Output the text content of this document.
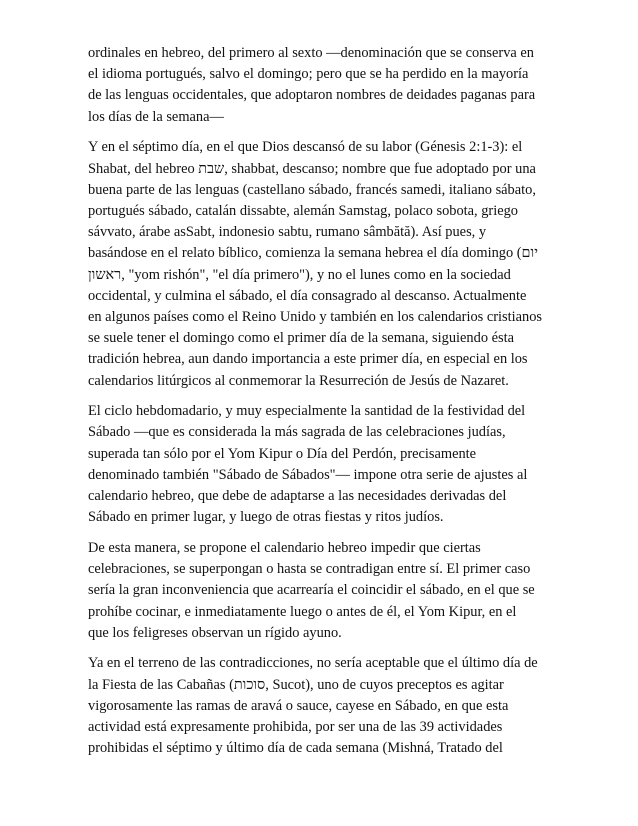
ordinales en hebreo, del primero al sexto —denominación que se conserva en
el idioma portugués, salvo el domingo; pero que se ha perdido en la mayoría
de las lenguas occidentales, que adoptaron nombres de deidades paganas para
los días de la semana—

Y en el séptimo día, en el que Dios descansó de su labor (Génesis 2:1-3): el
Shabat, del hebreo שבת, shabbat, descanso; nombre que fue adoptado por una
buena parte de las lenguas (castellano sábado, francés samedi, italiano sábato,
portugués sábado, catalán dissabte, alemán Samstag, polaco sobota, griego
sávvato, árabe asSabt, indonesio sabtu, rumano sâmbătă). Así pues, y
basándose en el relato bíblico, comienza la semana hebrea el día domingo (יום
ראשון, "yom rishón", "el día primero"), y no el lunes como en la sociedad
occidental, y culmina el sábado, el día consagrado al descanso. Actualmente
en algunos países como el Reino Unido y también en los calendarios cristianos
se suele tener el domingo como el primer día de la semana, siguiendo ésta
tradición hebrea, aun dando importancia a este primer día, en especial en los
calendarios litúrgicos al conmemorar la Resurreción de Jesús de Nazaret.

El ciclo hebdomadario, y muy especialmente la santidad de la festividad del
Sábado —que es considerada la más sagrada de las celebraciones judías,
superada tan sólo por el Yom Kipur o Día del Perdón, precisamente
denominado también "Sábado de Sábados"— impone otra serie de ajustes al
calendario hebreo, que debe de adaptarse a las necesidades derivadas del
Sábado en primer lugar, y luego de otras fiestas y ritos judíos.

De esta manera, se propone el calendario hebreo impedir que ciertas
celebraciones, se superpongan o hasta se contradigan entre sí. El primer caso
sería la gran inconveniencia que acarrearía el coincidir el sábado, en el que se
prohíbe cocinar, e inmediatamente luego o antes de él, el Yom Kipur, en el
que los feligreses observan un rígido ayuno.

Ya en el terreno de las contradicciones, no sería aceptable que el último día de
la Fiesta de las Cabañas (סוכות, Sucot), uno de cuyos preceptos es agitar
vigorosamente las ramas de aravá o sauce, cayese en Sábado, en que esta
actividad está expresamente prohibida, por ser una de las 39 actividades
prohibidas el séptimo y último día de cada semana (Mishná, Tratado del
